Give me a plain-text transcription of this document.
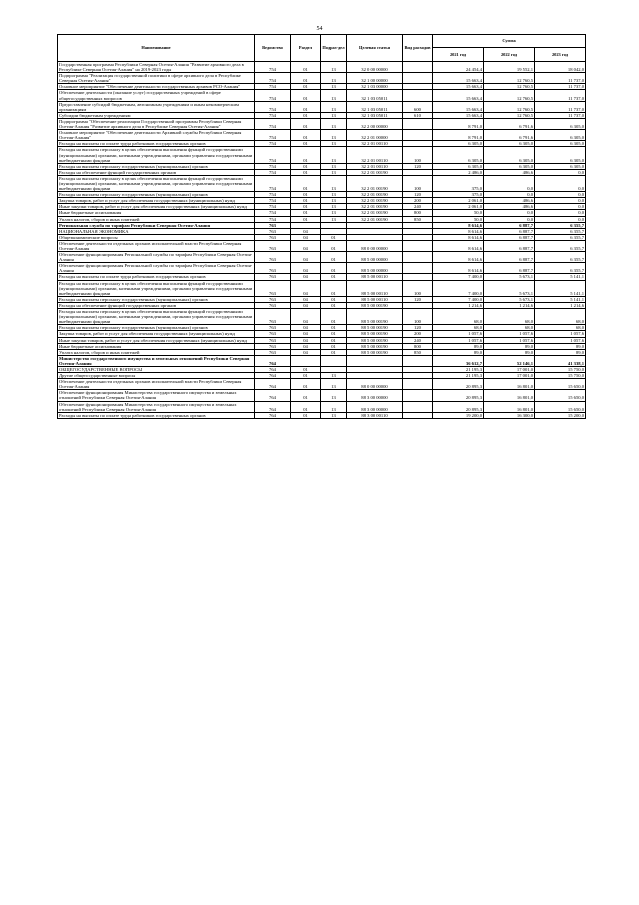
54
Наименование	Ведомство	Раздел	Подраз-дел	Целевая статья	Вид расходов	Сумма		
						2021 год	2022 год	2023 год
Государственная программа Республики Северная Осетия-Алания "Развитие архивного дела в Республике Северная Осетия-Алания" на 2019-2023 годы	754	01	13	32 0 00 00000		24 454,4	19 552,1	18 042,0
Подпрограмма "Реализация государственной политики в сфере архивного дела в Республике Северная Осетия-Алания"	754	01	13	32 1 00 00000		15 663,4	12 760,5	11 737,0
Основное мероприятие "Обеспечение деятельности государственных архивов РСО-Алания"	754	01	13	32 1 03 00000		15 663,4	12 760,5	11 737,0
Обеспечение деятельности (оказание услуг) государственных учреждений в сфере общегосударственных вопросов	754	01	13	32 1 03 05011		15 663,4	12 760,5	11 737,0
Предоставление субсидий бюджетным, автономным учреждениям и иным некоммерческим организациям	754	01	13	32 1 03 05011	600	15 663,4	12 760,5	11 737,0
Субсидии бюджетным учреждениям	754	01	13	32 1 03 05011	610	15 663,4	12 760,5	11 737,0
Подпрограмма "Обеспечение реализации Государственной программы Республики Северная Осетия-Алания "Развитие архивного дела в Республике Северная Осетия-Алания"	754	01	13	32 2 00 00000		8 791,0	6 791,6	6 305,0
Основное мероприятие "Обеспечение деятельности Архивной службы Республики Северная Осетия-Алания"	754	01	13	32 2 01 00000		8 791,0	6 791,6	6 305,0
Расходы на выплаты по оплате труда работников государственных органов	754	01	13	32 2 01 00110		6 305,0	6 305,0	6 305,0
Расходы на выплаты персоналу в целях обеспечения выполнения функций государственными (муниципальными) органами, казенными учреждениями, органами управления государственными внебюджетными фондами	754	01	13	32 2 01 00110	100	6 305,0	6 305,0	6 305,0
Расходы на выплаты персоналу государственных (муниципальных) органов	754	01	13	32 2 01 00110	120	6 305,0	6 305,0	6 305,0
Расходы на обеспечение функций государственных органов	754	01	13	32 2 01 00190		2 486,0	486,6	0,0
Расходы на выплаты персоналу в целях обеспечения выполнения функций государственными (муниципальными) органами, казенными учреждениями, органами управления государственными внебюджетными фондами	754	01	13	32 2 01 00190	100	375,0	0,0	0,0
Расходы на выплаты персоналу государственных (муниципальных) органов	754	01	13	32 2 01 00190	120	375,0	0,0	0,0
Закупка товаров, работ и услуг для обеспечения государственных (муниципальных) нужд	754	01	13	32 2 01 00190	200	2 061,0	486,6	0,0
Иные закупки товаров, работ и услуг для обеспечения государственных (муниципальных) нужд	754	01	13	32 2 01 00190	240	2 061,0	486,6	0,0
Иные бюджетные ассигнования	754	01	13	32 2 01 00190	800	50,0	0,0	0,0
Уплата налогов, сборов и иных платежей	754	01	13	32 2 01 00190	850	50,0	0,0	0,0
Региональная служба по тарифам Республики Северная Осетия-Алания	763					8 614,6	6 887,7	6 355,7
НАЦИОНАЛЬНАЯ ЭКОНОМИКА	763	04				8 614,6	6 887,7	6 355,7
Общеэкономические вопросы	763	04	01			8 614,6	6 887,7	6 355,7
Обеспечение деятельности отдельных органов исполнительной власти Республики Северная Осетия-Алания	763	04	01	88 0 00 00000		8 614,6	6 887,7	6 355,7
Обеспечение функционирования Региональной службы по тарифам Республики Северная Осетия-Алания	763	04	01	88 5 00 00000		8 614,6	6 887,7	6 355,7
Обеспечение функционирования Региональной службы по тарифам Республики Северная Осетия-Алания	763	04	01	88 5 00 00000		8 614,6	6 887,7	6 355,7
Расходы на выплаты по оплате труда работников государственных органов	763	04	01	88 5 00 00110		7 400,0	5 673,1	5 141,1
Расходы на выплаты персоналу в целях обеспечения выполнения функций государственными (муниципальными) органами, казенными учреждениями, органами управления государственными внебюджетными фондами	763	04	01	88 5 00 00110	100	7 400,0	5 673,1	5 141,1
Расходы на выплаты персоналу государственных (муниципальных) органов	763	04	01	88 5 00 00110	120	7 400,0	5 673,1	5 141,1
Расходы на обеспечение функций государственных органов	763	04	01	88 5 00 00190		1 214,6	1 214,6	1 214,6
Расходы на выплаты персоналу в целях обеспечения выполнения функций государственными (муниципальными) органами, казенными учреждениями, органами управления государственными внебюджетными фондами	763	04	01	88 5 00 00190	100	68,0	68,0	68,0
Расходы на выплаты персоналу государственных (муниципальных) органов	763	04	01	88 5 00 00190	120	68,0	68,0	68,0
Закупка товаров, работ и услуг для обеспечения государственных (муниципальных) нужд	763	04	01	88 5 00 00190	200	1 057,6	1 057,6	1 057,6
Иные закупки товаров, работ и услуг для обеспечения государственных (муниципальных) нужд	763	04	01	88 5 00 00190	240	1 057,6	1 057,6	1 057,6
Иные бюджетные ассигнования	763	04	01	88 5 00 00190	800	89,0	89,0	89,0
Уплата налогов, сборов и иных платежей	763	04	01	88 5 00 00190	850	89,0	89,0	89,0
Министерство государственного имущества и земельных отношений Республики Северная Осетия-Алания	764					36 612,7	52 146,1	41 338,1
ОБЩЕГОСУДАРСТВЕННЫЕ ВОПРОСЫ	764	01				21 195,3	17 001,0	15 750,0
Другие общегосударственные вопросы	764	01	13			21 195,3	17 001,0	15 750,0
Обеспечение деятельности отдельных органов исполнительной власти Республики Северная Осетия-Алания	764	01	13	88 0 00 00000		20 895,3	16 801,0	15 650,0
Обеспечение функционирования Министерства государственного имущества и земельных отношений Республики Северная Осетия-Алания	764	01	13	88 3 00 00000		20 895,3	16 801,0	15 650,0
Обеспечение функционирования Министерства государственного имущества и земельных отношений Республики Северная Осетия-Алания	764	01	13	88 3 00 00000		20 895,3	16 801,0	15 650,0
Расходы на выплаты по оплате труда работников государственных органов	764	01	13	88 3 00 00110		19 200,0	16 300,0	15 200,0
